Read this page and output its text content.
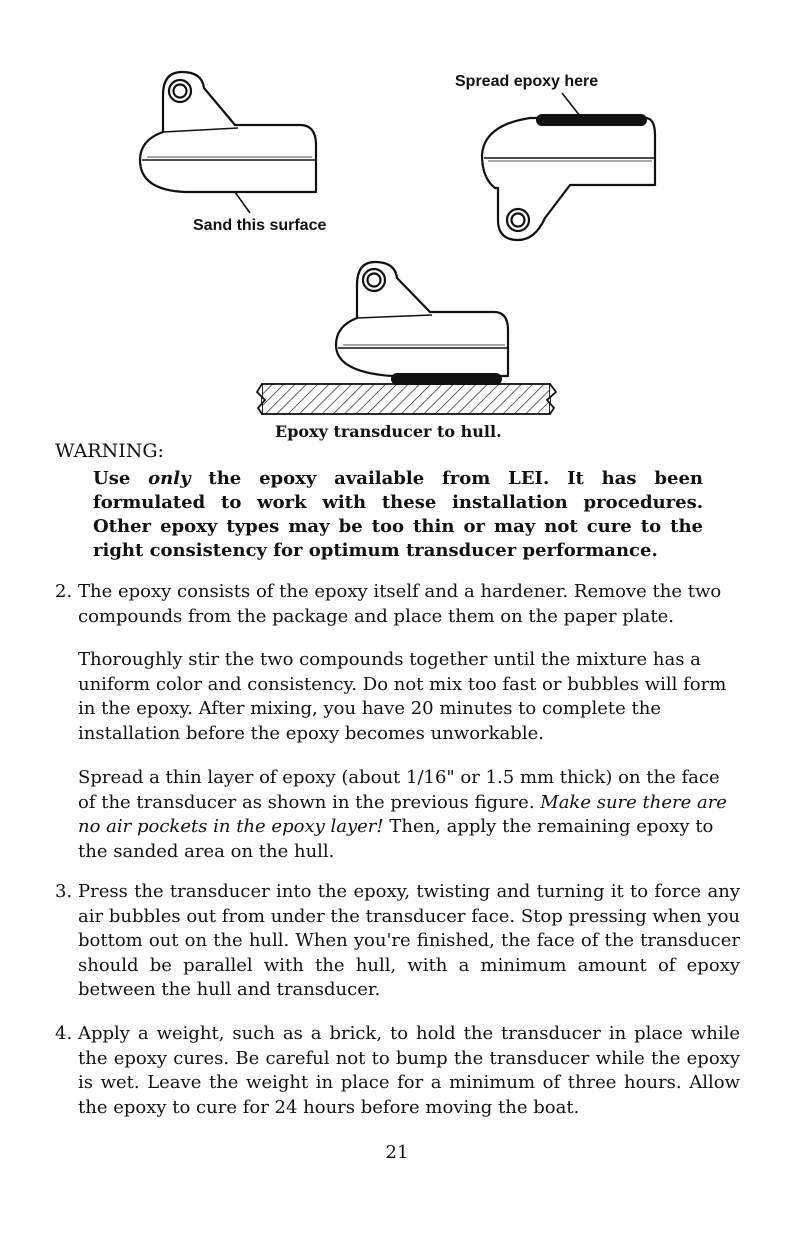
Sand this surface
Spread epoxy here
Epoxy transducer to hull.
WARNING:
Use only the epoxy available from LEI. It has been formulated to work with these installation procedures. Other epoxy types may be too thin or may not cure to the right consistency for optimum transducer performance.
2. The epoxy consists of the epoxy itself and a hardener. Remove the two compounds from the package and place them on the paper plate.
Thoroughly stir the two compounds together until the mixture has a uniform color and consistency. Do not mix too fast or bubbles will form in the epoxy. After mixing, you have 20 minutes to complete the installation before the epoxy becomes unworkable.
Spread a thin layer of epoxy (about 1/16" or 1.5 mm thick) on the face of the transducer as shown in the previous figure. Make sure there are no air pockets in the epoxy layer! Then, apply the remaining epoxy to the sanded area on the hull.
3. Press the transducer into the epoxy, twisting and turning it to force any air bubbles out from under the transducer face. Stop pressing when you bottom out on the hull. When you're finished, the face of the transducer should be parallel with the hull, with a minimum amount of epoxy between the hull and transducer.
4. Apply a weight, such as a brick, to hold the transducer in place while the epoxy cures. Be careful not to bump the transducer while the epoxy is wet. Leave the weight in place for a minimum of three hours. Allow the epoxy to cure for 24 hours before moving the boat.
21
